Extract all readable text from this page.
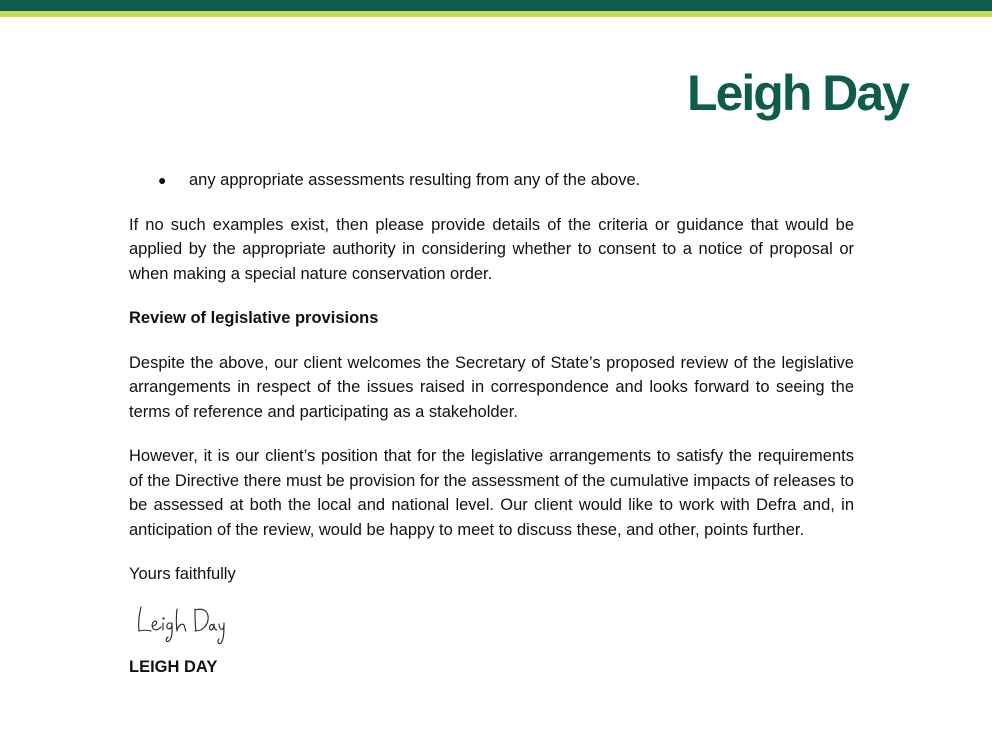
Leigh Day
●	any appropriate assessments resulting from any of the above.

If no such examples exist, then please provide details of the criteria or guidance that would be applied by the appropriate authority in considering whether to consent to a notice of proposal or when making a special nature conservation order.

Review of legislative provisions

Despite the above, our client welcomes the Secretary of State’s proposed review of the legislative arrangements in respect of the issues raised in correspondence and looks forward to seeing the terms of reference and participating as a stakeholder.

However, it is our client’s position that for the legislative arrangements to satisfy the requirements of the Directive there must be provision for the assessment of the cumulative impacts of releases to be assessed at both the local and national level. Our client would like to work with Defra and, in anticipation of the review, would be happy to meet to discuss these, and other, points further.

Yours faithfully
LEIGH DAY
